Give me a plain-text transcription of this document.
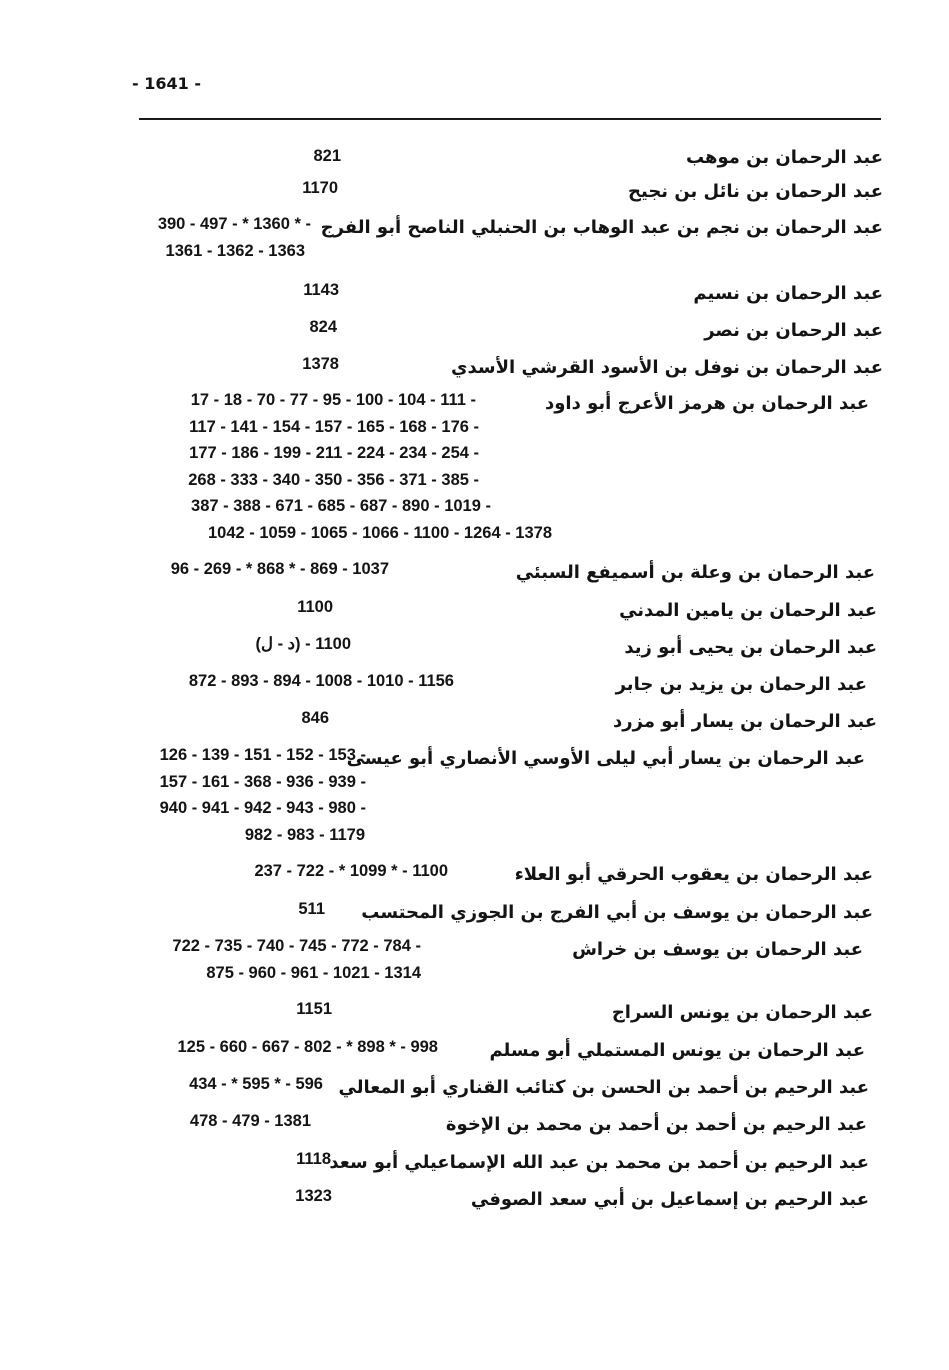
- 1641 -
عبد الرحمان بن موهب
821
عبد الرحمان بن نائل بن نجيح
1170
عبد الرحمان بن نجم بن عبد الوهاب بن الحنبلي الناصح أبو الفرج
390 - 497 - * 1360 * -
1361 - 1362 - 1363
عبد الرحمان بن نسيم
1143
عبد الرحمان بن نصر
824
عبد الرحمان بن نوفل بن الأسود القرشي الأسدي
1378
عبد الرحمان بن هرمز الأعرج أبو داود
17 - 18 - 70 - 77 - 95 - 100 - 104 - 111 -
117 - 141 - 154 - 157 - 165 - 168 - 176 -
177 - 186 - 199 - 211 - 224 - 234 - 254 -
268 - 333 - 340 - 350 - 356 - 371 - 385 -
387 - 388 - 671 - 685 - 687 - 890 - 1019 -
1042 - 1059 - 1065 - 1066 - 1100 - 1264 - 1378
عبد الرحمان بن وعلة بن أسميفع السبئي
96 - 269 - * 868 * - 869 - 1037
عبد الرحمان بن يامين المدني
1100
عبد الرحمان بن يحيى أبو زيد
(د - ل) - 1100
عبد الرحمان بن يزيد بن جابر
872 - 893 - 894 - 1008 - 1010 - 1156
عبد الرحمان بن يسار أبو مزرد
846
عبد الرحمان بن يسار أبي ليلى الأوسي الأنصاري أبو عيسى
126 - 139 - 151 - 152 - 153 -
157 - 161 - 368 - 936 - 939 -
940 - 941 - 942 - 943 - 980 -
982 - 983 - 1179
عبد الرحمان بن يعقوب الحرقي أبو العلاء
237 - 722 - * 1099 * - 1100
عبد الرحمان بن يوسف بن أبي الفرج بن الجوزي المحتسب
511
عبد الرحمان بن يوسف بن خراش
722 - 735 - 740 - 745 - 772 - 784 -
875 - 960 - 961 - 1021 - 1314
عبد الرحمان بن يونس السراج
1151
عبد الرحمان بن يونس المستملي أبو مسلم
125 - 660 - 667 - 802 - * 898 * - 998
عبد الرحيم بن أحمد بن الحسن بن كتائب القناري أبو المعالي
434 - * 595 * - 596
عبد الرحيم بن أحمد بن أحمد بن محمد بن الإخوة
478 - 479 - 1381
عبد الرحيم بن أحمد بن محمد بن عبد الله الإسماعيلي أبو سعد
1118
عبد الرحيم بن إسماعيل بن أبي سعد الصوفي
1323
